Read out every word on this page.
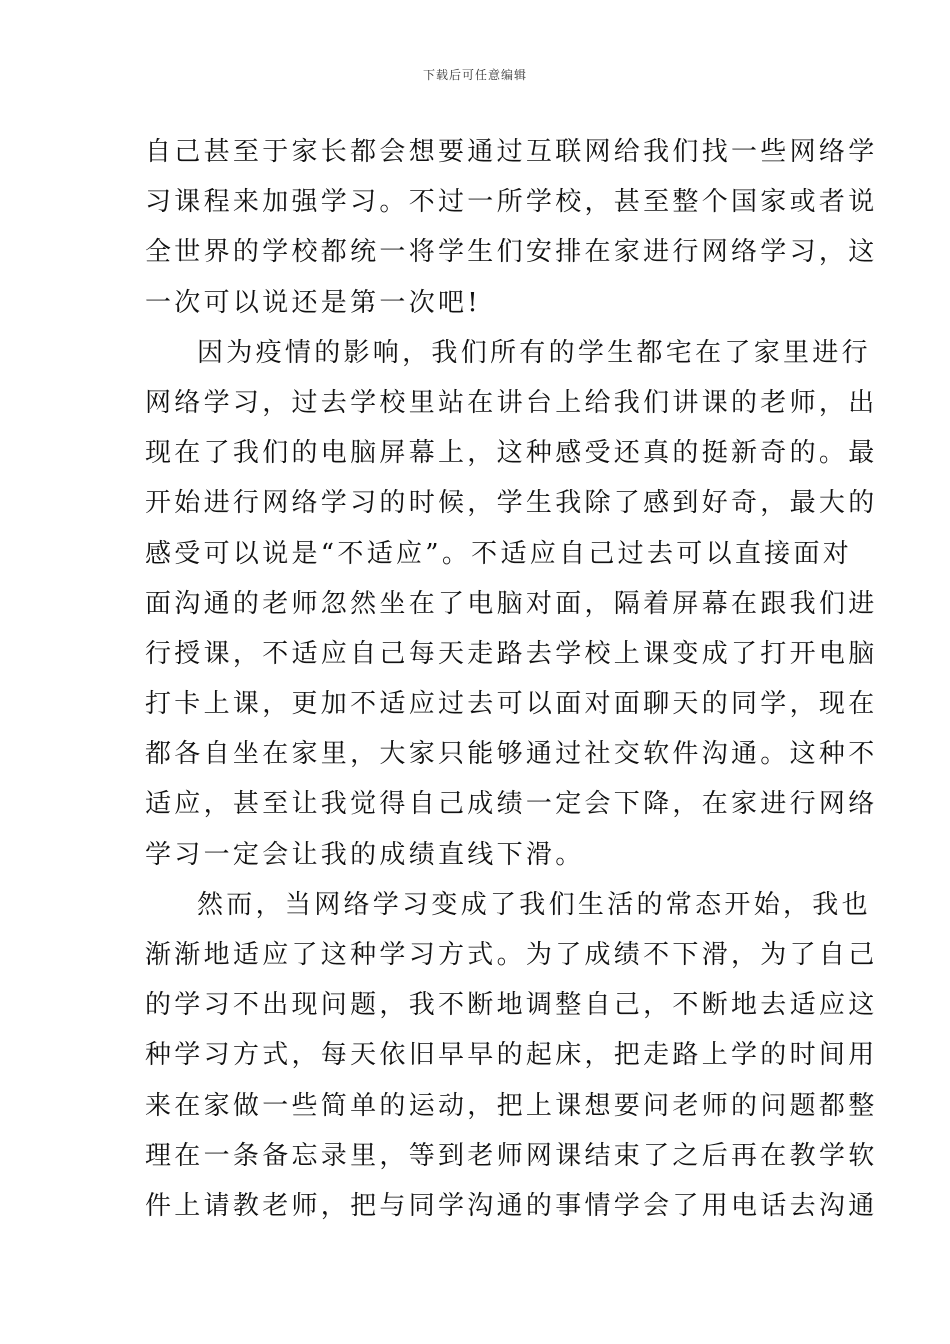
下载后可任意编辑
自己甚至于家长都会想要通过互联网给我们找一些网络学
习课程来加强学习。不过一所学校，甚至整个国家或者说
全世界的学校都统一将学生们安排在家进行网络学习，这
一次可以说还是第一次吧!
因为疫情的影响，我们所有的学生都宅在了家里进行
网络学习，过去学校里站在讲台上给我们讲课的老师，出
现在了我们的电脑屏幕上，这种感受还真的挺新奇的。最
开始进行网络学习的时候，学生我除了感到好奇，最大的
感受可以说是“不适应”。不适应自己过去可以直接面对
面沟通的老师忽然坐在了电脑对面，隔着屏幕在跟我们进
行授课，不适应自己每天走路去学校上课变成了打开电脑
打卡上课，更加不适应过去可以面对面聊天的同学，现在
都各自坐在家里，大家只能够通过社交软件沟通。这种不
适应，甚至让我觉得自己成绩一定会下降，在家进行网络
学习一定会让我的成绩直线下滑。
然而，当网络学习变成了我们生活的常态开始，我也
渐渐地适应了这种学习方式。为了成绩不下滑，为了自己
的学习不出现问题，我不断地调整自己，不断地去适应这
种学习方式，每天依旧早早的起床，把走路上学的时间用
来在家做一些简单的运动，把上课想要问老师的问题都整
理在一条备忘录里，等到老师网课结束了之后再在教学软
件上请教老师，把与同学沟通的事情学会了用电话去沟通
